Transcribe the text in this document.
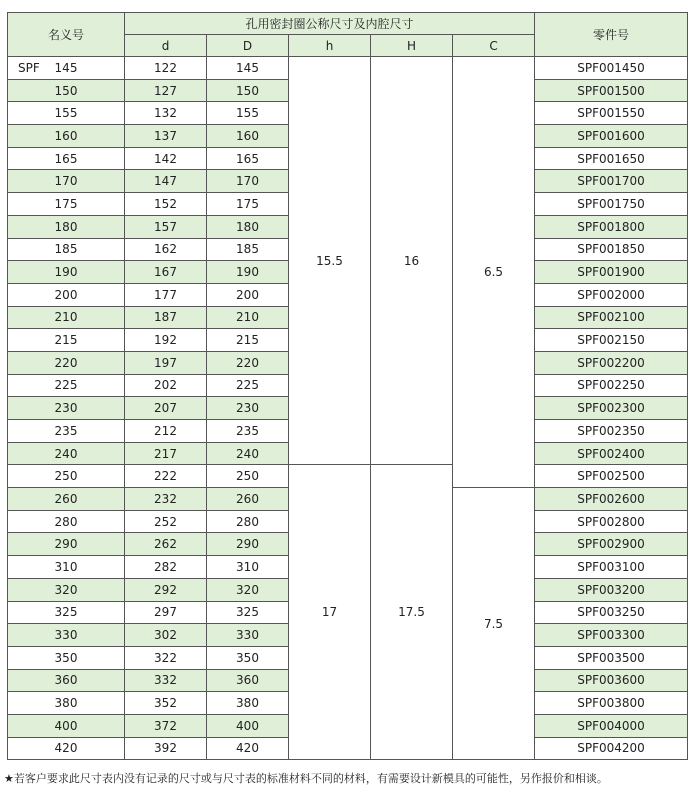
名义号	孔用密封圈公称尺寸及内腔尺寸					零件号
	d	D	h	H	C	

SPF 145	122	145	15.5	16	6.5	SPF001450
150	127	150				SPF001500
155	132	155				SPF001550
160	137	160				SPF001600
165	142	165				SPF001650
170	147	170				SPF001700
175	152	175				SPF001750
180	157	180				SPF001800
185	162	185				SPF001850
190	167	190				SPF001900
200	177	200				SPF002000
210	187	210				SPF002100
215	192	215				SPF002150
220	197	220				SPF002200
225	202	225				SPF002250
230	207	230				SPF002300
235	212	235				SPF002350
240	217	240				SPF002400
250	222	250	17	17.5		SPF002500
260	232	260			7.5	SPF002600
280	252	280				SPF002800
290	262	290				SPF002900
310	282	310				SPF003100
320	292	320				SPF003200
325	297	325				SPF003250
330	302	330				SPF003300
350	322	350				SPF003500
360	332	360				SPF003600
380	352	380				SPF003800
400	372	400				SPF004000
420	392	420				SPF004200
★若客户要求此尺寸表内没有记录的尺寸或与尺寸表的标准材料不同的材料，有需要设计新模具的可能性，另作报价和相谈。
